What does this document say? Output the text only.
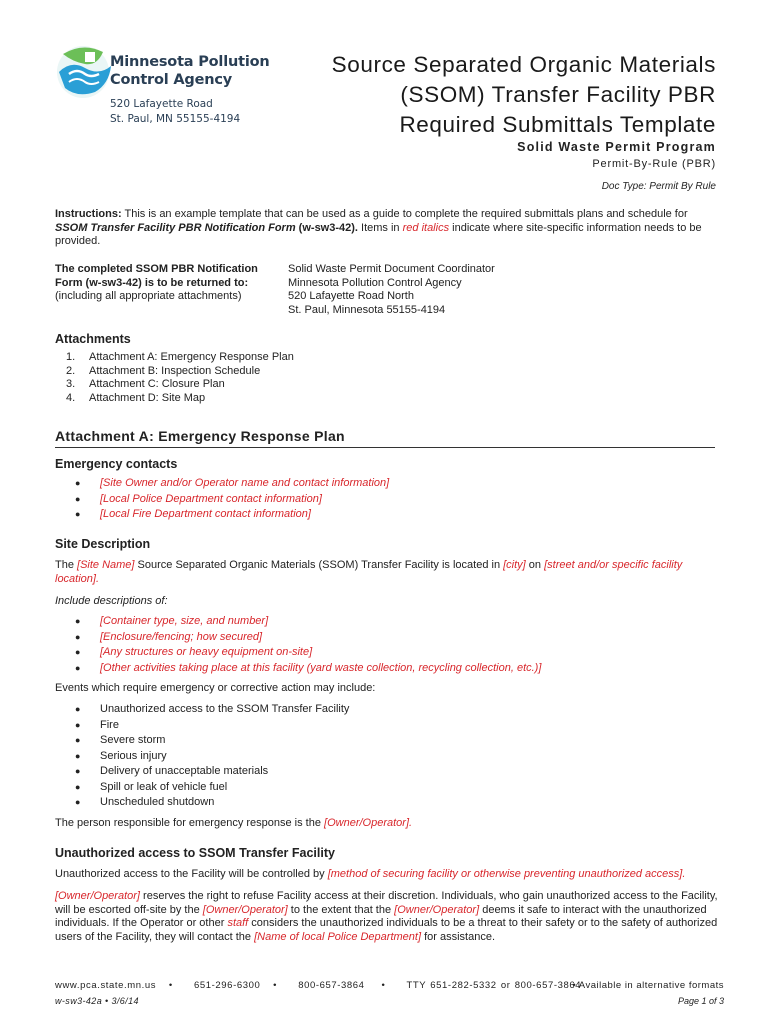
Minnesota Pollution
Control Agency
520 Lafayette Road
St. Paul, MN 55155-4194
Source Separated Organic Materials
(SSOM) Transfer Facility PBR
Required Submittals Template
Solid Waste Permit Program
Permit-By-Rule (PBR)
Doc Type: Permit By Rule
Instructions: This is an example template that can be used as a guide to complete the required submittals plans and schedule for SSOM Transfer Facility PBR Notification Form (w-sw3-42). Items in red italics indicate where site-specific information needs to be provided.
The completed SSOM PBR Notification
Form (w-sw3-42) is to be returned to:
(including all appropriate attachments)
Solid Waste Permit Document Coordinator
Minnesota Pollution Control Agency
520 Lafayette Road North
St. Paul, Minnesota 55155-4194
Attachments
1. Attachment A: Emergency Response Plan
2. Attachment B: Inspection Schedule
3. Attachment C: Closure Plan
4. Attachment D: Site Map
Attachment A: Emergency Response Plan
Emergency contacts
● [Site Owner and/or Operator name and contact information]
● [Local Police Department contact information]
● [Local Fire Department contact information]
Site Description
The [Site Name] Source Separated Organic Materials (SSOM) Transfer Facility is located in [city] on [street and/or specific facility location].
Include descriptions of:
● [Container type, size, and number]
● [Enclosure/fencing; how secured]
● [Any structures or heavy equipment on-site]
● [Other activities taking place at this facility (yard waste collection, recycling collection, etc.)]
Events which require emergency or corrective action may include:
● Unauthorized access to the SSOM Transfer Facility
● Fire
● Severe storm
● Serious injury
● Delivery of unacceptable materials
● Spill or leak of vehicle fuel
● Unscheduled shutdown
The person responsible for emergency response is the [Owner/Operator].
Unauthorized access to SSOM Transfer Facility
Unauthorized access to the Facility will be controlled by [method of securing facility or otherwise preventing unauthorized access].
[Owner/Operator] reserves the right to refuse Facility access at their discretion. Individuals, who gain unauthorized access to the Facility, will be escorted off-site by the [Owner/Operator] to the extent that the [Owner/Operator] deems it safe to interact with the unauthorized individuals. If the Operator or other staff considers the unauthorized individuals to be a threat to their safety or to the safety of authorized users of the Facility, they will contact the [Name of local Police Department] for assistance.
www.pca.state.mn.us   •     651-296-6300   •     800-657-3864    •     TTY 651-282-5332 or 800-657-3864
• Available in alternative formats
w-sw3-42a • 3/6/14	Page 1 of 3
